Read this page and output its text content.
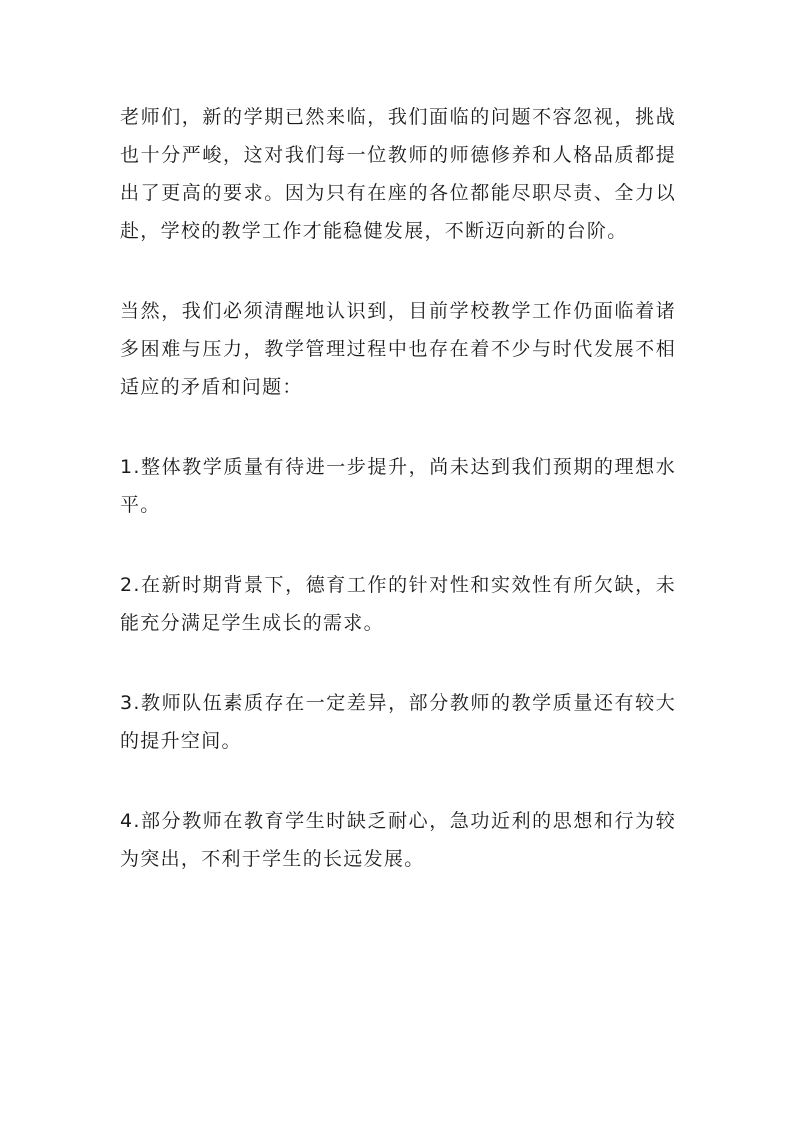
老师们，新的学期已然来临，我们面临的问题不容忽视，挑战也十分严峻，这对我们每一位教师的师德修养和人格品质都提出了更高的要求。因为只有在座的各位都能尽职尽责、全力以赴，学校的教学工作才能稳健发展，不断迈向新的台阶。

当然，我们必须清醒地认识到，目前学校教学工作仍面临着诸多困难与压力，教学管理过程中也存在着不少与时代发展不相适应的矛盾和问题：

1.整体教学质量有待进一步提升，尚未达到我们预期的理想水平。

2.在新时期背景下，德育工作的针对性和实效性有所欠缺，未能充分满足学生成长的需求。

3.教师队伍素质存在一定差异，部分教师的教学质量还有较大的提升空间。

4.部分教师在教育学生时缺乏耐心，急功近利的思想和行为较为突出，不利于学生的长远发展。
